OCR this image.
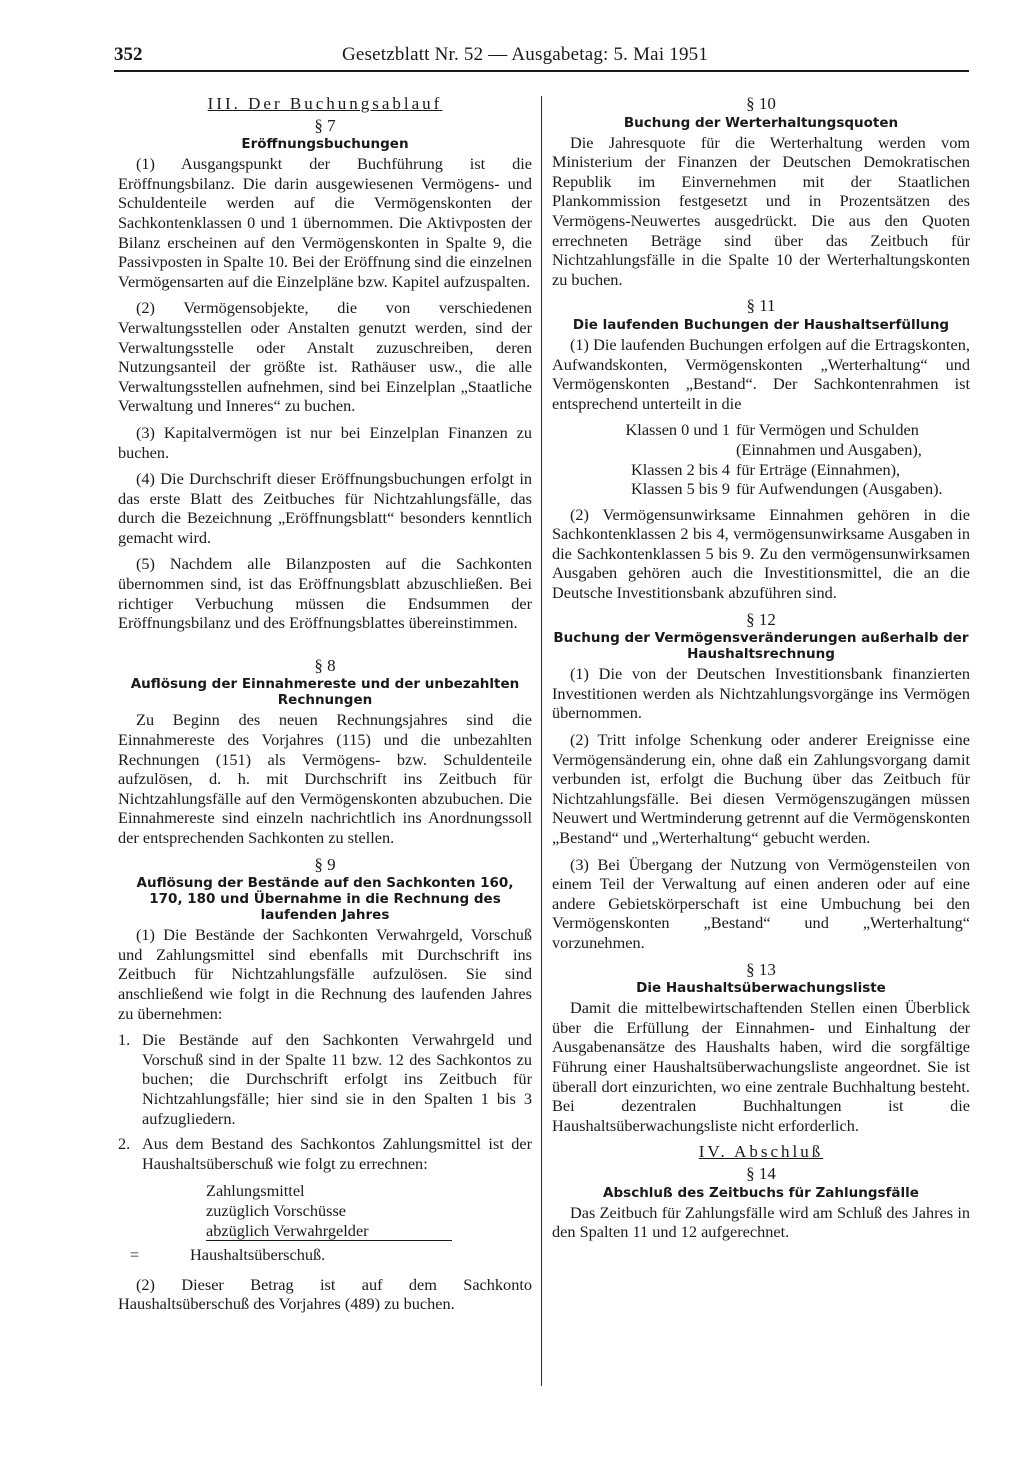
352	Gesetzblatt Nr. 52 — Ausgabetag: 5. Mai 1951
III. Der Buchungsablauf
§ 7
Eröffnungsbuchungen

(1) Ausgangspunkt der Buchführung ist die Eröffnungsbilanz. Die darin ausgewiesenen Vermögens- und Schuldenteile werden auf die Vermögenskonten der Sachkontenklassen 0 und 1 übernommen. Die Aktivposten der Bilanz erscheinen auf den Vermögenskonten in Spalte 9, die Passivposten in Spalte 10. Bei der Eröffnung sind die einzelnen Vermögensarten auf die Einzelpläne bzw. Kapitel aufzuspalten.

(2) Vermögensobjekte, die von verschiedenen Verwaltungsstellen oder Anstalten genutzt werden, sind der Verwaltungsstelle oder Anstalt zuzuschreiben, deren Nutzungsanteil der größte ist. Rathäuser usw., die alle Verwaltungsstellen aufnehmen, sind bei Einzelplan „Staatliche Verwaltung und Inneres“ zu buchen.

(3) Kapitalvermögen ist nur bei Einzelplan Finanzen zu buchen.

(4) Die Durchschrift dieser Eröffnungsbuchungen erfolgt in das erste Blatt des Zeitbuches für Nichtzahlungsfälle, das durch die Bezeichnung „Eröffnungsblatt“ besonders kenntlich gemacht wird.

(5) Nachdem alle Bilanzposten auf die Sachkonten übernommen sind, ist das Eröffnungsblatt abzuschließen. Bei richtiger Verbuchung müssen die Endsummen der Eröffnungsbilanz und des Eröffnungsblattes übereinstimmen.

§ 8
Auflösung der Einnahmereste und der unbezahlten Rechnungen

Zu Beginn des neuen Rechnungsjahres sind die Einnahmereste des Vorjahres (115) und die unbezahlten Rechnungen (151) als Vermögens- bzw. Schuldenteile aufzulösen, d. h. mit Durchschrift ins Zeitbuch für Nichtzahlungsfälle auf den Vermögenskonten abzubuchen. Die Einnahmereste sind einzeln nachrichtlich ins Anordnungssoll der entsprechenden Sachkonten zu stellen.

§ 9
Auflösung der Bestände auf den Sachkonten 160, 170, 180 und Übernahme in die Rechnung des laufenden Jahres

(1) Die Bestände der Sachkonten Verwahrgeld, Vorschuß und Zahlungsmittel sind ebenfalls mit Durchschrift ins Zeitbuch für Nichtzahlungsfälle aufzulösen. Sie sind anschließend wie folgt in die Rechnung des laufenden Jahres zu übernehmen:

1. Die Bestände auf den Sachkonten Verwahrgeld und Vorschuß sind in der Spalte 11 bzw. 12 des Sachkontos zu buchen; die Durchschrift erfolgt ins Zeitbuch für Nichtzahlungsfälle; hier sind sie in den Spalten 1 bis 3 aufzugliedern.
2. Aus dem Bestand des Sachkontos Zahlungsmittel ist der Haushaltsüberschuß wie folgt zu errechnen:
Zahlungsmittel
zuzüglich Vorschüsse
abzüglich Verwahrgelder
=	Haushaltsüberschuß.

(2) Dieser Betrag ist auf dem Sachkonto Haushaltsüberschuß des Vorjahres (489) zu buchen.

§ 10
Buchung der Werterhaltungsquoten

Die Jahresquote für die Werterhaltung werden vom Ministerium der Finanzen der Deutschen Demokratischen Republik im Einvernehmen mit der Staatlichen Plankommission festgesetzt und in Prozentsätzen des Vermögens-Neuwertes ausgedrückt. Die aus den Quoten errechneten Beträge sind über das Zeitbuch für Nichtzahlungsfälle in die Spalte 10 der Werterhaltungskonten zu buchen.

§ 11
Die laufenden Buchungen der Haushaltserfüllung

(1) Die laufenden Buchungen erfolgen auf die Ertragskonten, Aufwandskonten, Vermögenskonten „Werterhaltung“ und Vermögenskonten „Bestand“. Der Sachkontenrahmen ist entsprechend unterteilt in die

Klassen 0 und 1 für Vermögen und Schulden (Einnahmen und Ausgaben),
Klassen 2 bis 4 für Erträge (Einnahmen),
Klassen 5 bis 9 für Aufwendungen (Ausgaben).

(2) Vermögensunwirksame Einnahmen gehören in die Sachkontenklassen 2 bis 4, vermögensunwirksame Ausgaben in die Sachkontenklassen 5 bis 9. Zu den vermögensunwirksamen Ausgaben gehören auch die Investitionsmittel, die an die Deutsche Investitionsbank abzuführen sind.

§ 12
Buchung der Vermögensveränderungen außerhalb der Haushaltsrechnung

(1) Die von der Deutschen Investitionsbank finanzierten Investitionen werden als Nichtzahlungsvorgänge ins Vermögen übernommen.

(2) Tritt infolge Schenkung oder anderer Ereignisse eine Vermögensänderung ein, ohne daß ein Zahlungsvorgang damit verbunden ist, erfolgt die Buchung über das Zeitbuch für Nichtzahlungsfälle. Bei diesen Vermögenszugängen müssen Neuwert und Wertminderung getrennt auf die Vermögenskonten „Bestand“ und „Werterhaltung“ gebucht werden.

(3) Bei Übergang der Nutzung von Vermögensteilen von einem Teil der Verwaltung auf einen anderen oder auf eine andere Gebietskörperschaft ist eine Umbuchung bei den Vermögenskonten „Bestand“ und „Werterhaltung“ vorzunehmen.

§ 13
Die Haushaltsüberwachungsliste

Damit die mittelbewirtschaftenden Stellen einen Überblick über die Erfüllung der Einnahmen- und Einhaltung der Ausgabenansätze des Haushalts haben, wird die sorgfältige Führung einer Haushaltsüberwachungsliste angeordnet. Sie ist überall dort einzurichten, wo eine zentrale Buchhaltung besteht. Bei dezentralen Buchhaltungen ist die Haushaltsüberwachungsliste nicht erforderlich.

IV. Abschluß
§ 14
Abschluß des Zeitbuchs für Zahlungsfälle

Das Zeitbuch für Zahlungsfälle wird am Schluß des Jahres in den Spalten 11 und 12 aufgerechnet.
